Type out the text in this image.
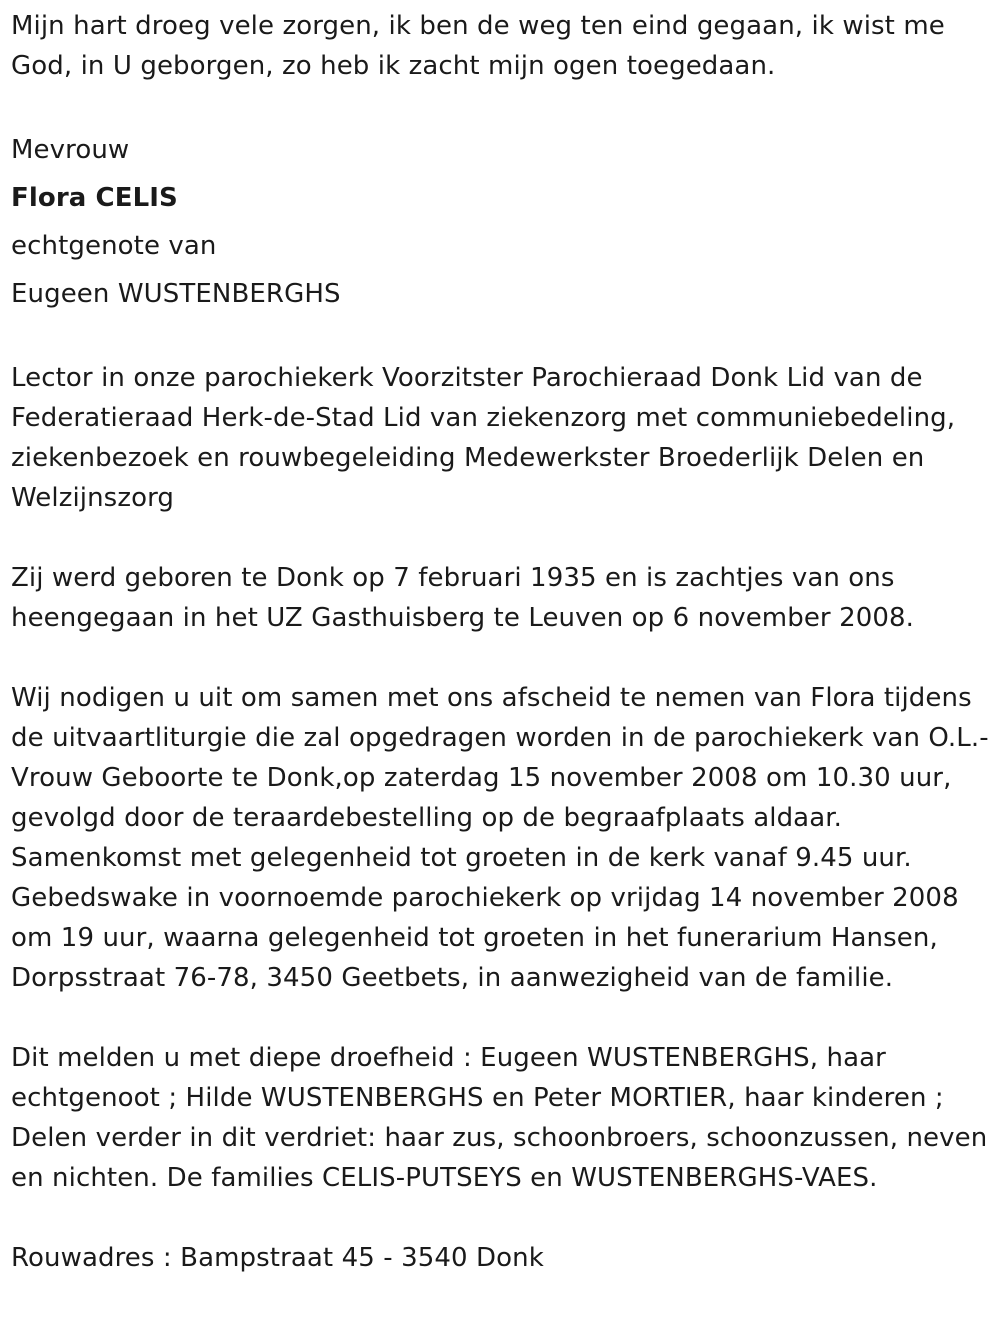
Mijn hart droeg vele zorgen, ik ben de weg ten eind gegaan, ik wist me God, in U geborgen, zo heb ik zacht mijn ogen toegedaan.

Mevrouw

Flora CELIS

echtgenote van

Eugeen WUSTENBERGHS

Lector in onze parochiekerk Voorzitster Parochieraad Donk Lid van de Federatieraad Herk-de-Stad Lid van ziekenzorg met communiebedeling, ziekenbezoek en rouwbegeleiding Medewerkster Broederlijk Delen en Welzijnszorg

Zij werd geboren te Donk op 7 februari 1935 en is zachtjes van ons heengegaan in het UZ Gasthuisberg te Leuven op 6 november 2008.

Wij nodigen u uit om samen met ons afscheid te nemen van Flora tijdens de uitvaartliturgie die zal opgedragen worden in de parochiekerk van O.L.-Vrouw Geboorte te Donk,op zaterdag 15 november 2008 om 10.30 uur, gevolgd door de teraardebestelling op de begraafplaats aldaar. Samenkomst met gelegenheid tot groeten in de kerk vanaf 9.45 uur. Gebedswake in voornoemde parochiekerk op vrijdag 14 november 2008 om 19 uur, waarna gelegenheid tot groeten in het funerarium Hansen, Dorpsstraat 76-78, 3450 Geetbets, in aanwezigheid van de familie.

Dit melden u met diepe droefheid : Eugeen WUSTENBERGHS, haar echtgenoot ; Hilde WUSTENBERGHS en Peter MORTIER, haar kinderen ; Delen verder in dit verdriet: haar zus, schoonbroers, schoonzussen, neven en nichten. De families CELIS-PUTSEYS en WUSTENBERGHS-VAES.

Rouwadres : Bampstraat 45 - 3540 Donk
